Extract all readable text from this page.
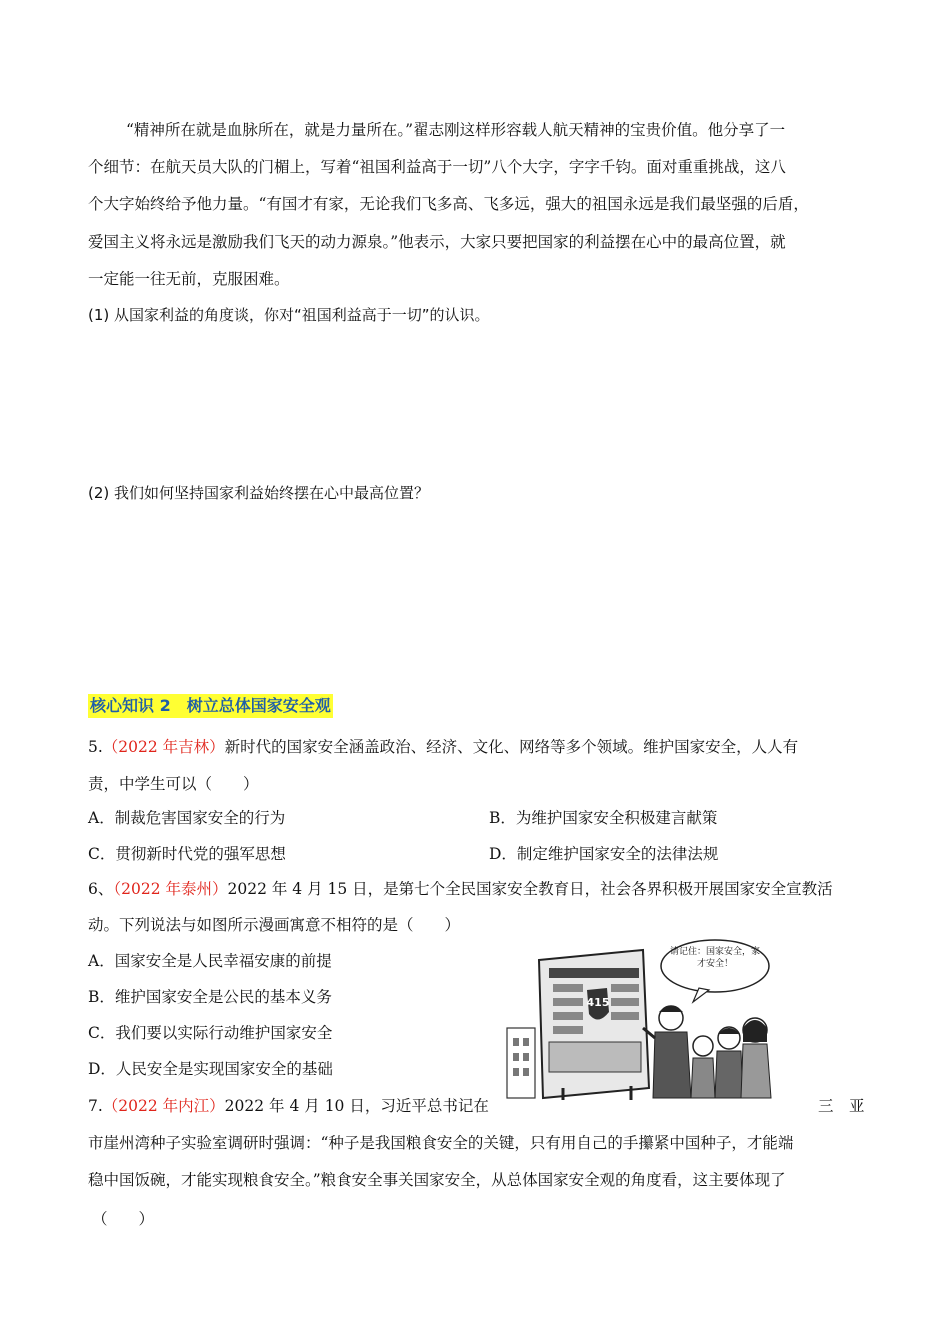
“精神所在就是血脉所在，就是力量所在。”翟志刚这样形容载人航天精神的宝贵价值。他分享了一
个细节：在航天员大队的门楣上，写着“祖国利益高于一切”八个大字，字字千钧。面对重重挑战，这八
个大字始终给予他力量。“有国才有家，无论我们飞多高、飞多远，强大的祖国永远是我们最坚强的后盾，
爱国主义将永远是激励我们飞天的动力源泉。”他表示，大家只要把国家的利益摆在心中的最高位置，就
一定能一往无前，克服困难。
(1) 从国家利益的角度谈，你对“祖国利益高于一切”的认识。
(2) 我们如何坚持国家利益始终摆在心中最高位置？
核心知识 2　树立总体国家安全观
5.（2022 年吉林）新时代的国家安全涵盖政治、经济、文化、网络等多个领域。维护国家安全，人人有
责，中学生可以（　　）
A．制裁危害国家安全的行为	B．为维护国家安全积极建言献策
C．贯彻新时代党的强军思想	D．制定维护国家安全的法律法规
6、（2022 年泰州）2022 年 4 月 15 日，是第七个全民国家安全教育日，社会各界积极开展国家安全宣教活
动。下列说法与如图所示漫画寓意不相符的是（　　）
A．国家安全是人民幸福安康的前提
B．维护国家安全是公民的基本义务
C．我们要以实际行动维护国家安全
D．人民安全是实现国家安全的基础
415
请记住：国家安全，家才安全！
7.（2022 年内江）2022 年 4 月 10 日，习近平总书记在	三　亚
市崖州湾种子实验室调研时强调：“种子是我国粮食安全的关键，只有用自己的手攥紧中国种子，才能端
稳中国饭碗，才能实现粮食安全。”粮食安全事关国家安全，从总体国家安全观的角度看，这主要体现了
（　　）
